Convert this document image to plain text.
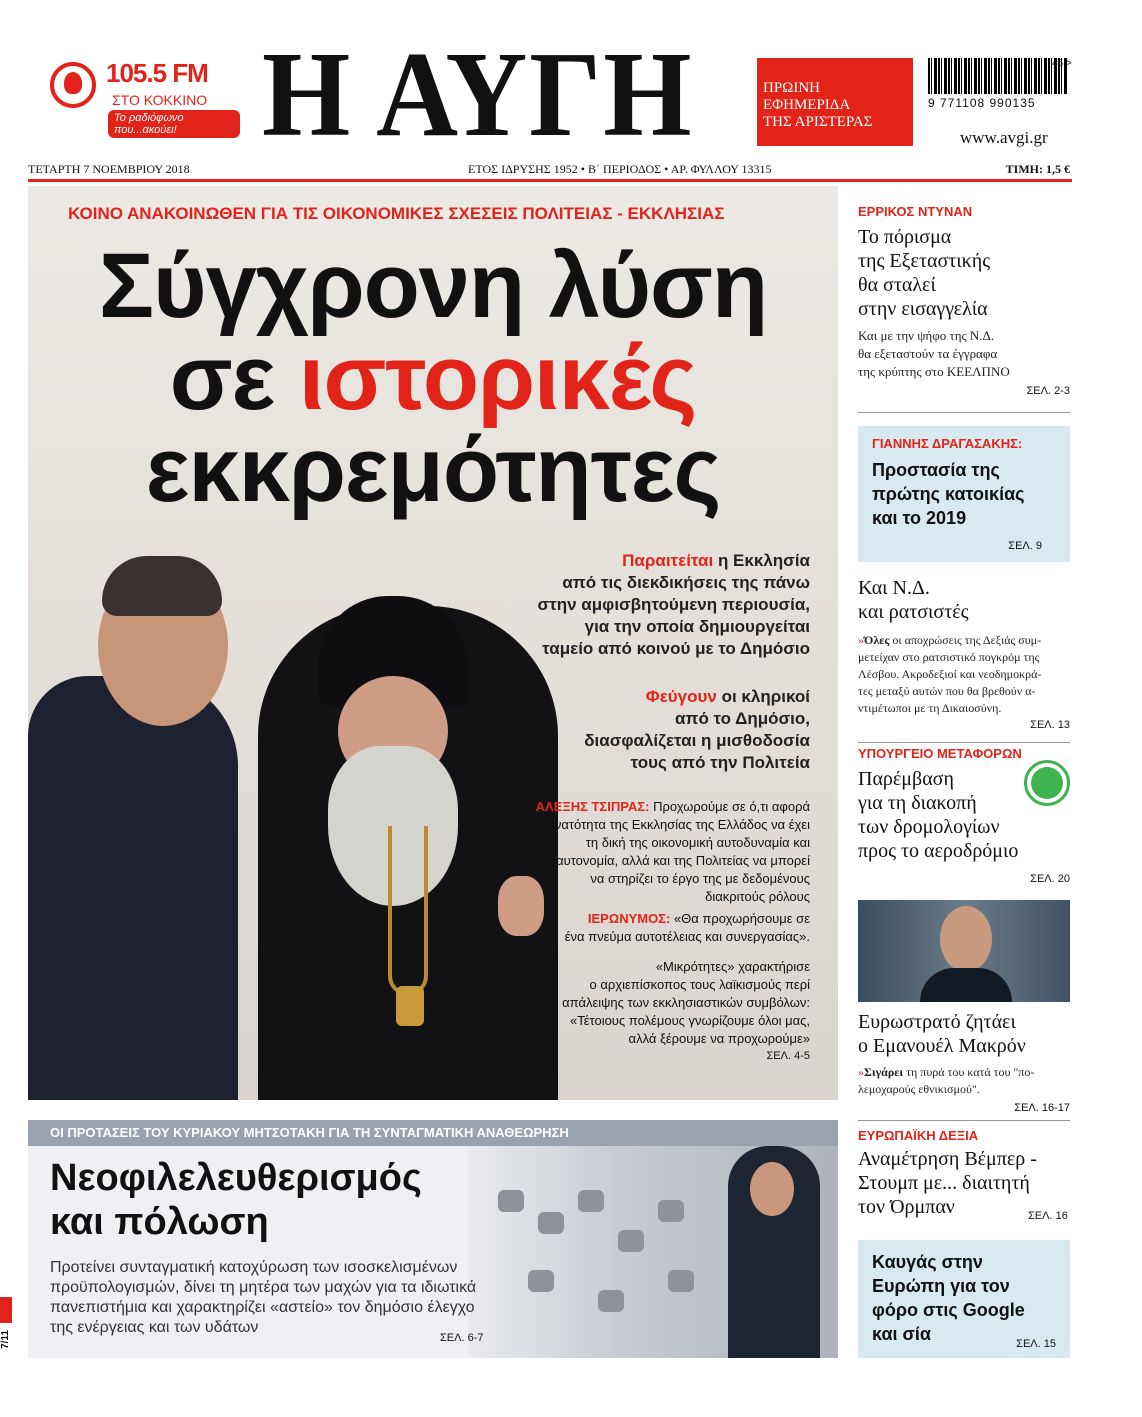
105.5 FM
ΣΤΟ ΚΟΚΚΙΝΟ
Το ραδιόφωνο που...ακούει! Η ΑΥΓΗ	ΠΡΩΙΝΗ
ΕΦΗΜΕΡΙΔΑ
ΤΗΣ ΑΡΙΣΤΕΡΑΣ
45 >
9 771108 990135
www.avgi.gr
ΤΕΤΑΡΤΗ 7 ΝΟΕΜΒΡΙΟΥ 2018	ΕΤΟΣ ΙΔΡΥΣΗΣ 1952 • Β΄ ΠΕΡΙΟΔΟΣ • ΑΡ. ΦΥΛΛΟΥ 13315	ΤΙΜΗ: 1,5 €
ΚΟΙΝΟ ΑΝΑΚΟΙΝΩΘΕΝ ΓΙΑ ΤΙΣ ΟΙΚΟΝΟΜΙΚΕΣ ΣΧΕΣΕΙΣ ΠΟΛΙΤΕΙΑΣ - ΕΚΚΛΗΣΙΑΣ
Σύγχρονη λύση
σε ιστορικές
εκκρεμότητες
Παραιτείται η Εκκλησία
από τις διεκδικήσεις της πάνω
στην αμφισβητούμενη περιουσία,
για την οποία δημιουργείται
ταμείο από κοινού με το Δημόσιο
Φεύγουν οι κληρικοί
από το Δημόσιο,
διασφαλίζεται η μισθοδοσία
τους από την Πολιτεία
ΑΛΕΞΗΣ ΤΣΙΠΡΑΣ: Προχωρούμε σε ό,τι αφορά
τη δυνατότητα της Εκκλησίας της Ελλάδος να έχει
τη δική της οικονομική αυτοδυναμία και
αυτονομία, αλλά και της Πολιτείας να μπορεί
να στηρίζει το έργο της με δεδομένους
διακριτούς ρόλους
ΙΕΡΩΝΥΜΟΣ: «Θα προχωρήσουμε σε
ένα πνεύμα αυτοτέλειας και συνεργασίας».
«Μικρότητες» χαρακτήρισε
ο αρχιεπίσκοπος τους λαϊκισμούς περί
απάλειψης των εκκλησιαστικών συμβόλων:
«Τέτοιους πολέμους γνωρίζουμε όλοι μας,
αλλά ξέρουμε να προχωρούμε»
ΣΕΛ. 4-5
ΟΙ ΠΡΟΤΑΣΕΙΣ ΤΟΥ ΚΥΡΙΑΚΟΥ ΜΗΤΣΟΤΑΚΗ ΓΙΑ ΤΗ ΣΥΝΤΑΓΜΑΤΙΚΗ ΑΝΑΘΕΩΡΗΣΗ
Νεοφιλελευθερισμός
και πόλωση
Προτείνει συνταγματική κατοχύρωση των ισοσκελισμένων
προϋπολογισμών, δίνει τη μητέρα των μαχών για τα ιδιωτικά
πανεπιστήμια και χαρακτηρίζει «αστείο» τον δημόσιο έλεγχο
της ενέργειας και των υδάτων
ΣΕΛ. 6-7
ΕΡΡΙΚΟΣ ΝΤΥΝΑΝ
Το πόρισμα
της Εξεταστικής
θα σταλεί
στην εισαγγελία
Και με την ψήφο της Ν.Δ.
θα εξεταστούν τα έγγραφα
της κρύπτης στο ΚΕΕΛΠΝΟ
ΣΕΛ. 2-3
ΓΙΑΝΝΗΣ ΔΡΑΓΑΣΑΚΗΣ:
Προστασία της
πρώτης κατοικίας
και το 2019
ΣΕΛ. 9
Και Ν.Δ.
και ρατσιστές
»Όλες οι αποχρώσεις της Δεξιάς συμ-
μετείχαν στο ρατσιστικό πογκρόμ της
Λέσβου. Ακροδεξιοί και νεοδημοκρά-
τες μεταξύ αυτών που θα βρεθούν α-
ντιμέτωποι με τη Δικαιοσύνη.
ΣΕΛ. 13
ΥΠΟΥΡΓΕΙΟ ΜΕΤΑΦΟΡΩΝ
Παρέμβαση
για τη διακοπή
των δρομολογίων
προς το αεροδρόμιο
ΣΕΛ. 20
Ευρωστρατό ζητάει
ο Εμανουέλ Μακρόν
»Σιγάρει τη πυρά του κατά του "πο-
λεμοχαρούς εθνικισμού".
ΣΕΛ. 16-17
ΕΥΡΩΠΑΪΚΗ ΔΕΞΙΑ
Αναμέτρηση Βέμπερ -
Στουμπ με... διαιτητή
τον Όρμπαν	ΣΕΛ. 16
Καυγάς στην
Ευρώπη για τον
φόρο στις Google
και σία	ΣΕΛ. 15
7/11
